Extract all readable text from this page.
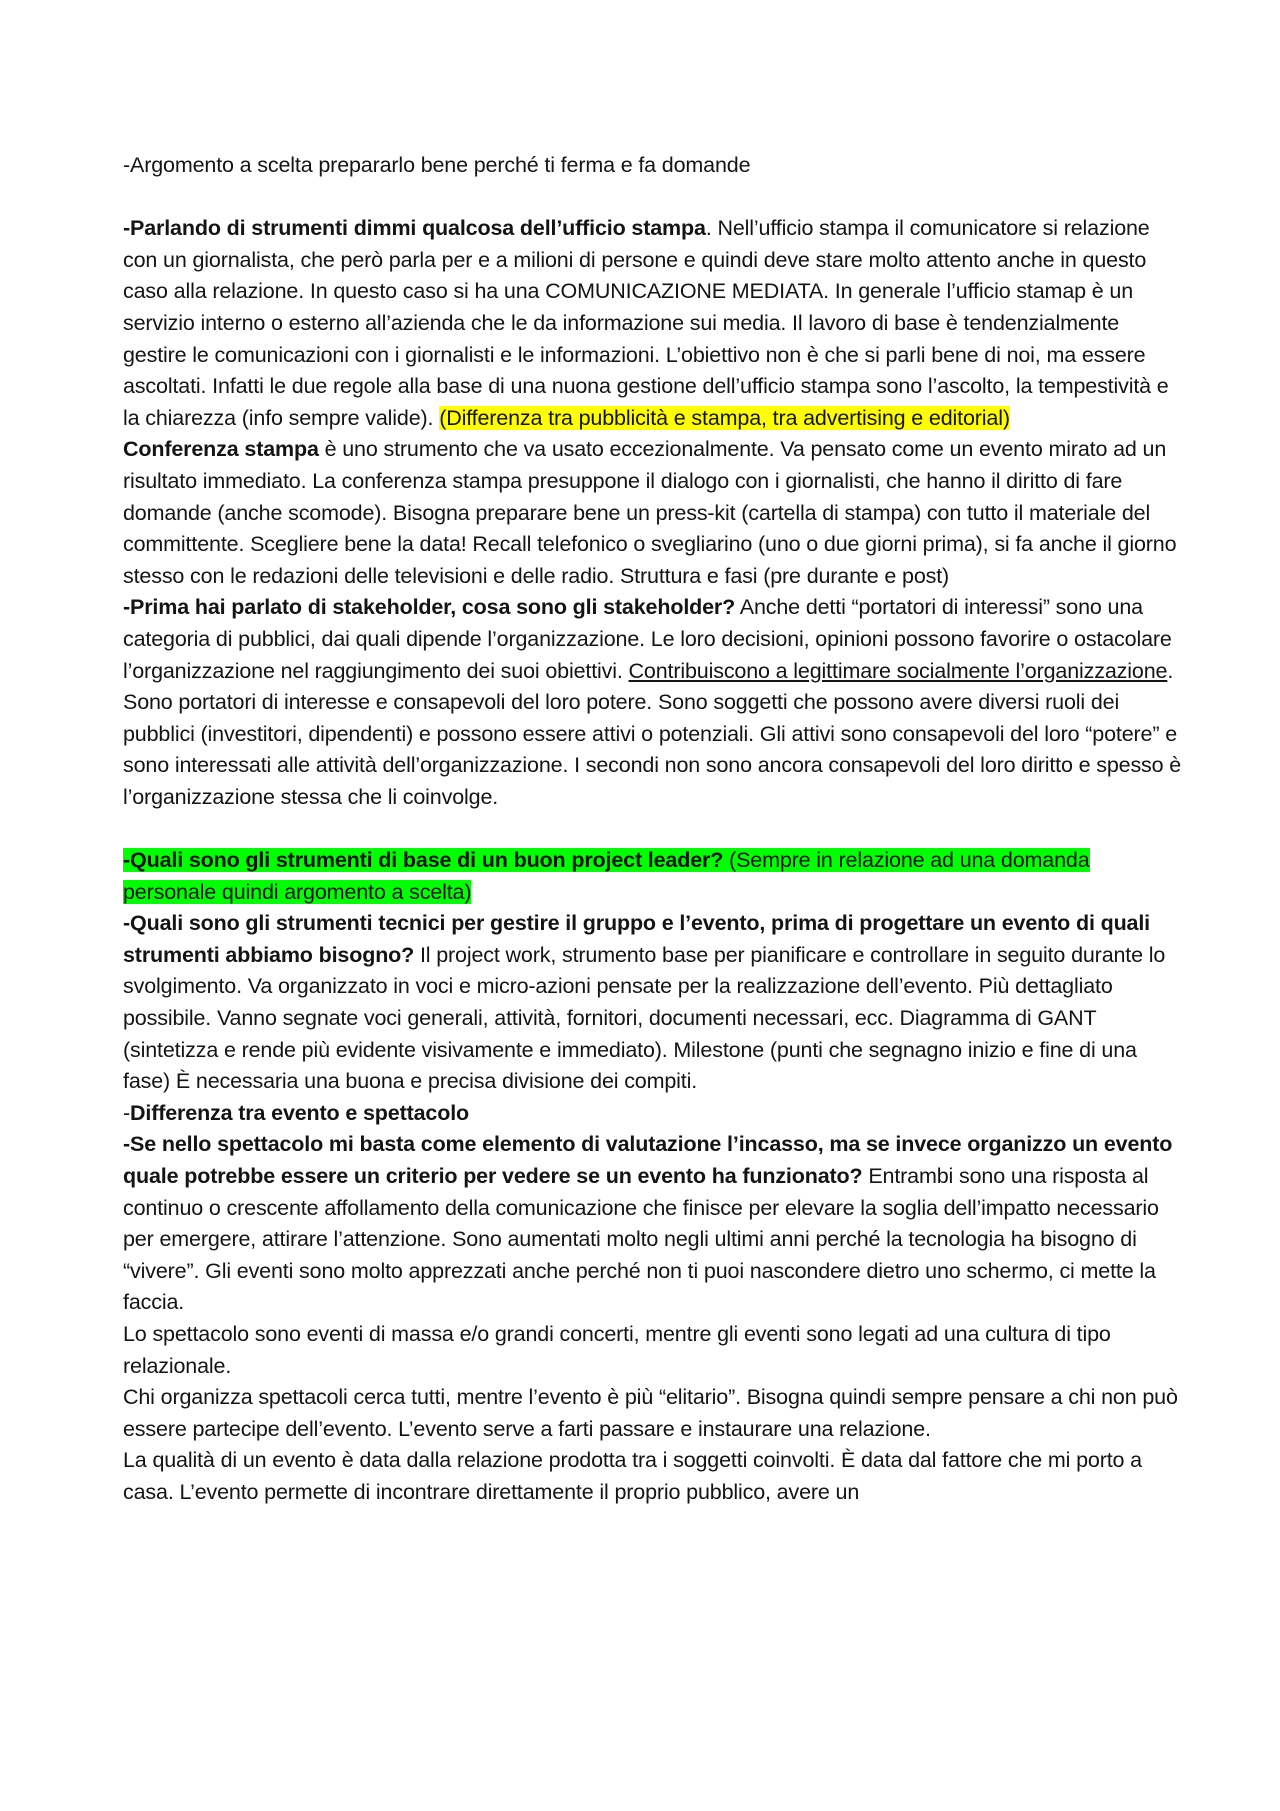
-Argomento a scelta prepararlo bene perché ti ferma e fa domande

-Parlando di strumenti dimmi qualcosa dell’ufficio stampa. Nell’ufficio stampa il comunicatore si relazione con un giornalista, che però parla per e a milioni di persone e quindi deve stare molto attento anche in questo caso alla relazione. In questo caso si ha una COMUNICAZIONE MEDIATA. In generale l’ufficio stamap è un servizio interno o esterno all’azienda che le da informazione sui media. Il lavoro di base è tendenzialmente gestire le comunicazioni con i giornalisti e le informazioni. L’obiettivo non è che si parli bene di noi, ma essere ascoltati. Infatti le due regole alla base di una nuona gestione dell’ufficio stampa sono l’ascolto, la tempestività e la chiarezza (info sempre valide). (Differenza tra pubblicità e stampa, tra advertising e editorial)

Conferenza stampa è uno strumento che va usato eccezionalmente. Va pensato come un evento mirato ad un risultato immediato. La conferenza stampa presuppone il dialogo con i giornalisti, che hanno il diritto di fare domande (anche scomode). Bisogna preparare bene un press-kit (cartella di stampa) con tutto il materiale del committente. Scegliere bene la data! Recall telefonico o svegliarino (uno o due giorni prima), si fa anche il giorno stesso con le redazioni delle televisioni e delle radio. Struttura e fasi (pre durante e post)

-Prima hai parlato di stakeholder, cosa sono gli stakeholder? Anche detti “portatori di interessi” sono una categoria di pubblici, dai quali dipende l’organizzazione. Le loro decisioni, opinioni possono favorire o ostacolare l’organizzazione nel raggiungimento dei suoi obiettivi. Contribuiscono a legittimare socialmente l’organizzazione. Sono portatori di interesse e consapevoli del loro potere. Sono soggetti che possono avere diversi ruoli dei pubblici (investitori, dipendenti) e possono essere attivi o potenziali. Gli attivi sono consapevoli del loro “potere” e sono interessati alle attività dell’organizzazione. I secondi non sono ancora consapevoli del loro diritto e spesso è l’organizzazione stessa che li coinvolge.

-Quali sono gli strumenti di base di un buon project leader? (Sempre in relazione ad una domanda personale quindi argomento a scelta)

-Quali sono gli strumenti tecnici per gestire il gruppo e l’evento, prima di progettare un evento di quali strumenti abbiamo bisogno? Il project work, strumento base per pianificare e controllare in seguito durante lo svolgimento. Va organizzato in voci e micro-azioni pensate per la realizzazione dell’evento. Più dettagliato possibile. Vanno segnate voci generali, attività, fornitori, documenti necessari, ecc. Diagramma di GANT (sintetizza e rende più evidente visivamente e immediato). Milestone (punti che segnagno inizio e fine di una fase) È necessaria una buona e precisa divisione dei compiti.

-Differenza tra evento e spettacolo

-Se nello spettacolo mi basta come elemento di valutazione l’incasso, ma se invece organizzo un evento quale potrebbe essere un criterio per vedere se un evento ha funzionato? Entrambi sono una risposta al continuo o crescente affollamento della comunicazione che finisce per elevare la soglia dell’impatto necessario per emergere, attirare l’attenzione. Sono aumentati molto negli ultimi anni perché la tecnologia ha bisogno di “vivere”. Gli eventi sono molto apprezzati anche perché non ti puoi nascondere dietro uno schermo, ci mette la faccia.

Lo spettacolo sono eventi di massa e/o grandi concerti, mentre gli eventi sono legati ad una cultura di tipo relazionale.

Chi organizza spettacoli cerca tutti, mentre l’evento è più “elitario”. Bisogna quindi sempre pensare a chi non può essere partecipe dell’evento. L’evento serve a farti passare e instaurare una relazione.

La qualità di un evento è data dalla relazione prodotta tra i soggetti coinvolti. È data dal fattore che mi porto a casa. L’evento permette di incontrare direttamente il proprio pubblico, avere un
